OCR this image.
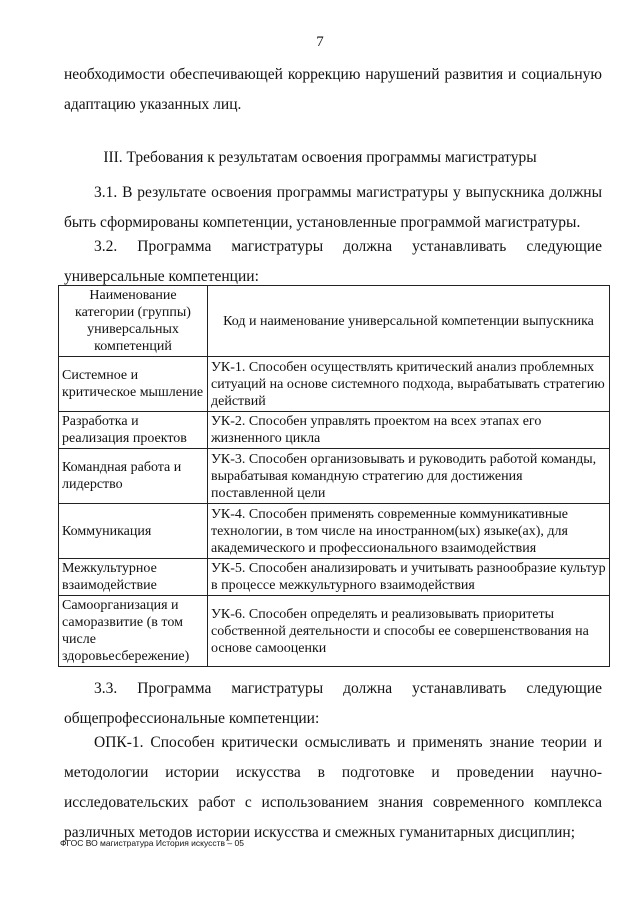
7
необходимости обеспечивающей коррекцию нарушений развития и социальную
адаптацию указанных лиц.
III. Требования к результатам освоения программы магистратуры
3.1. В результате освоения программы магистратуры у выпускника должны быть сформированы компетенции, установленные программой магистратуры.
3.2. Программа магистратуры должна устанавливать следующие универсальные компетенции:
Наименование категории (группы) универсальных компетенций	Код и наименование универсальной компетенции выпускника
Системное и критическое мышление	УК-1. Способен осуществлять критический анализ проблемных ситуаций на основе системного подхода, вырабатывать стратегию действий
Разработка и реализация проектов	УК-2. Способен управлять проектом на всех этапах его жизненного цикла
Командная работа и лидерство	УК-3. Способен организовывать и руководить работой команды, вырабатывая командную стратегию для достижения поставленной цели
Коммуникация	УК-4. Способен применять современные коммуникативные технологии, в том числе на иностранном(ых) языке(ах), для академического и профессионального взаимодействия
Межкультурное взаимодействие	УК-5. Способен анализировать и учитывать разнообразие культур в процессе межкультурного взаимодействия
Самоорганизация и саморазвитие (в том числе здоровьесбережение)	УК-6. Способен определять и реализовывать приоритеты собственной деятельности и способы ее совершенствования на основе самооценки
3.3. Программа магистратуры должна устанавливать следующие общепрофессиональные компетенции:
ОПК-1. Способен критически осмысливать и применять знание теории и методологии истории искусства в подготовке и проведении научно-исследовательских работ с использованием знания современного комплекса различных методов истории искусства и смежных гуманитарных дисциплин;
ФГОС ВО магистратура История искусств – 05
